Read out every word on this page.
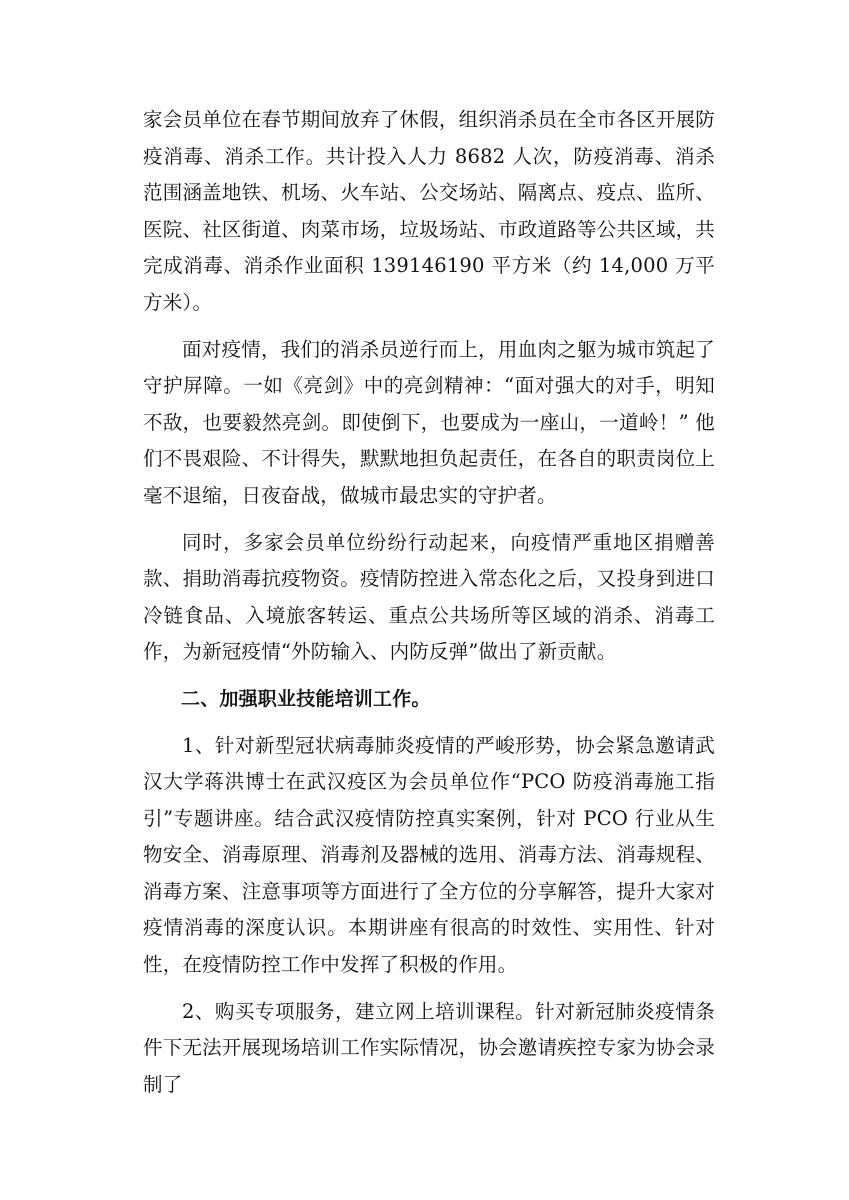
家会员单位在春节期间放弃了休假，组织消杀员在全市各区开展防疫消毒、消杀工作。共计投入人力 8682 人次，防疫消毒、消杀范围涵盖地铁、机场、火车站、公交场站、隔离点、疫点、监所、医院、社区街道、肉菜市场，垃圾场站、市政道路等公共区域，共完成消毒、消杀作业面积 139146190 平方米（约 14,000 万平方米）。

面对疫情，我们的消杀员逆行而上，用血肉之躯为城市筑起了守护屏障。一如《亮剑》中的亮剑精神：“面对强大的对手，明知不敌，也要毅然亮剑。即使倒下，也要成为一座山，一道岭！” 他们不畏艰险、不计得失，默默地担负起责任，在各自的职责岗位上毫不退缩，日夜奋战，做城市最忠实的守护者。

同时，多家会员单位纷纷行动起来，向疫情严重地区捐赠善款、捐助消毒抗疫物资。疫情防控进入常态化之后，又投身到进口冷链食品、入境旅客转运、重点公共场所等区域的消杀、消毒工作，为新冠疫情“外防输入、内防反弹”做出了新贡献。

二、加强职业技能培训工作。

1、针对新型冠状病毒肺炎疫情的严峻形势，协会紧急邀请武汉大学蒋洪博士在武汉疫区为会员单位作“PCO 防疫消毒施工指引”专题讲座。结合武汉疫情防控真实案例，针对 PCO 行业从生物安全、消毒原理、消毒剂及器械的选用、消毒方法、消毒规程、消毒方案、注意事项等方面进行了全方位的分享解答，提升大家对疫情消毒的深度认识。本期讲座有很高的时效性、实用性、针对性，在疫情防控工作中发挥了积极的作用。

2、购买专项服务，建立网上培训课程。针对新冠肺炎疫情条件下无法开展现场培训工作实际情况，协会邀请疾控专家为协会录制了
